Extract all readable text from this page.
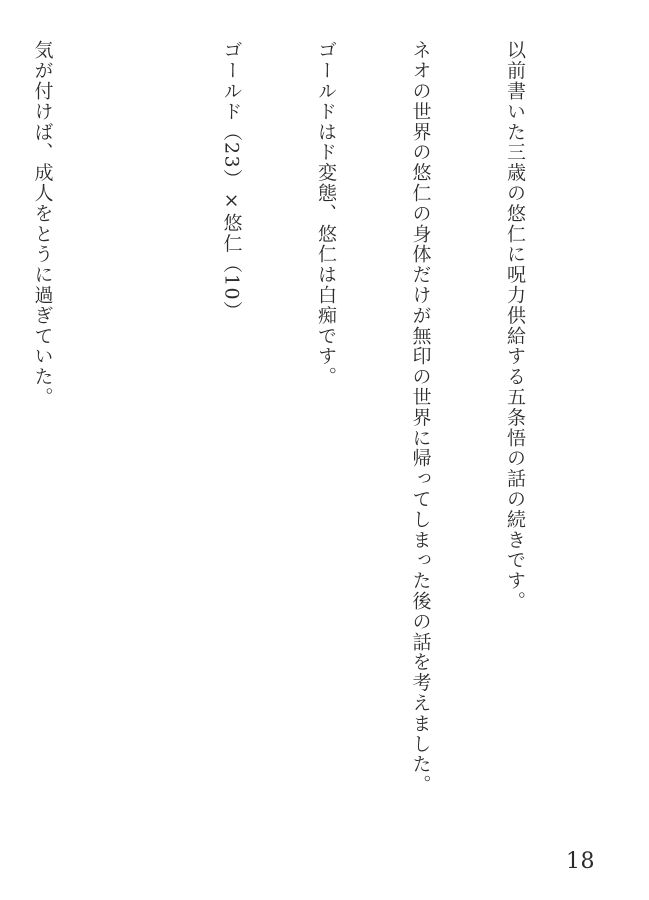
以前書いた三歳の悠仁に呪力供給する五条悟の話の続きです。

ネオの世界の悠仁の身体だけが無印の世界に帰ってしまった後の話を考えました。

ゴールドはド変態、悠仁は白痴です。

ゴールド（23）×悠仁（10）

気が付けば、成人をとうに過ぎていた。

18
